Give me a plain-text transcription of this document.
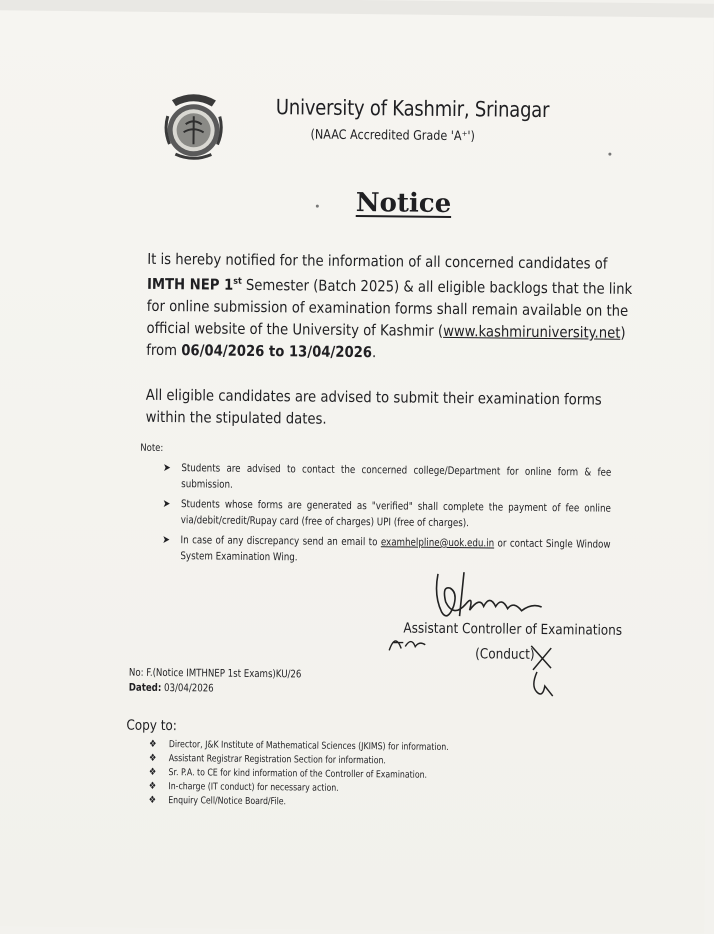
University of Kashmir, Srinagar
(NAAC Accredited Grade 'A⁺')
Notice
It is hereby notified for the information of all concerned candidates of IMTH NEP 1st Semester (Batch 2025) & all eligible backlogs that the link for online submission of examination forms shall remain available on the official website of the University of Kashmir (www.kashmiruniversity.net) from 06/04/2026 to 13/04/2026.
All eligible candidates are advised to submit their examination forms within the stipulated dates.
Note:
➤ Students are advised to contact the concerned college/Department for online form & fee submission.
➤ Students whose forms are generated as "verified" shall complete the payment of fee online via/debit/credit/Rupay card (free of charges) UPI (free of charges).
➤ In case of any discrepancy send an email to examhelpline@uok.edu.in or contact Single Window System Examination Wing.
Assistant Controller of Examinations
(Conduct)
No: F.(Notice IMTHNEP 1st Exams)KU/26
Dated: 03/04/2026
Copy to:
❖ Director, J&K Institute of Mathematical Sciences (JKIMS) for information.
❖ Assistant Registrar Registration Section for information.
❖ Sr. P.A. to CE for kind information of the Controller of Examination.
❖ In-charge (IT conduct) for necessary action.
❖ Enquiry Cell/Notice Board/File.
